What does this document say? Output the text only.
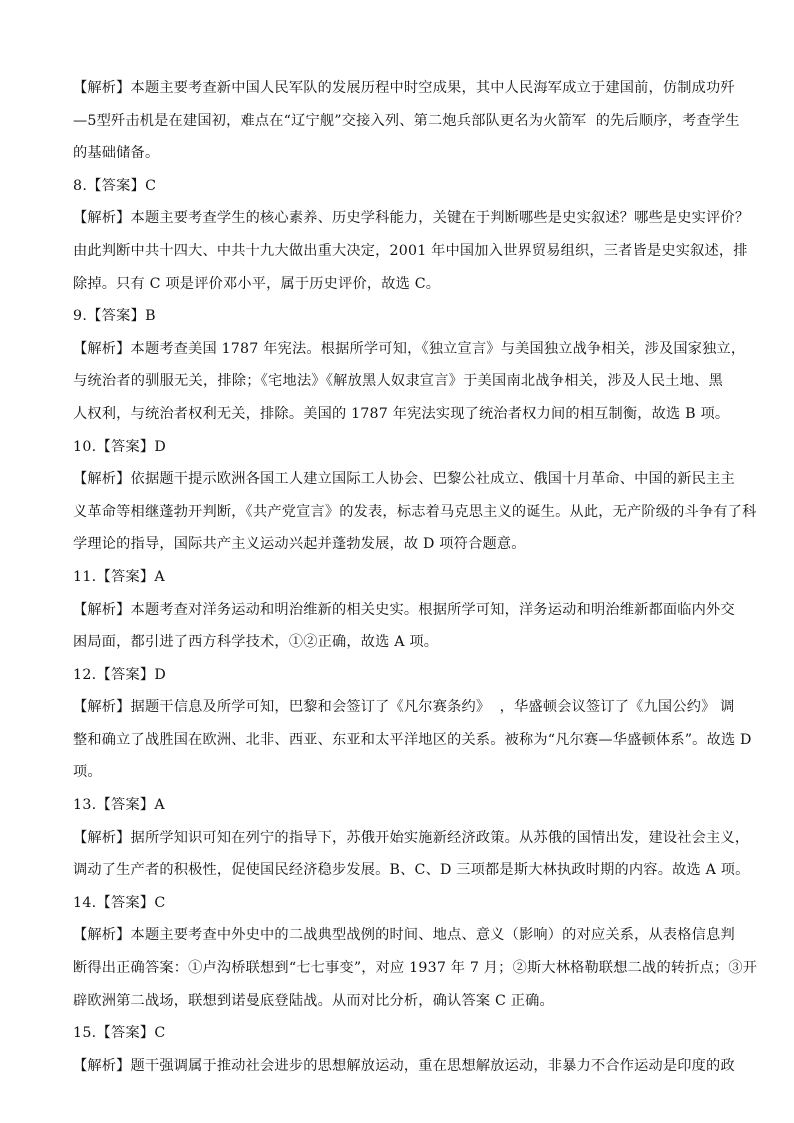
【解析】本题主要考查新中国人民军队的发展历程中时空成果，其中人民海军成立于建国前，仿制成功歼
—5型歼击机是在建国初，难点在“辽宁舰”交接入列、第二炮兵部队更名为火箭军  的先后顺序，考查学生
的基础储备。
8.【答案】C
【解析】本题主要考查学生的核心素养、历史学科能力，关键在于判断哪些是史实叙述？哪些是史实评价？
由此判断中共十四大、中共十九大做出重大决定，2001 年中国加入世界贸易组织，三者皆是史实叙述，排
除掉。只有 C 项是评价邓小平，属于历史评价，故选 C。
9.【答案】B
【解析】本题考查美国 1787 年宪法。根据所学可知，《独立宣言》与美国独立战争相关，涉及国家独立，
与统治者的驯服无关，排除；《宅地法》《解放黑人奴隶宣言》于美国南北战争相关，涉及人民土地、黑
人权利，与统治者权利无关，排除。美国的 1787 年宪法实现了统治者权力间的相互制衡，故选 B 项。
10.【答案】D
【解析】依据题干提示欧洲各国工人建立国际工人协会、巴黎公社成立、俄国十月革命、中国的新民主主
义革命等相继蓬勃开判断，《共产党宣言》的发表，标志着马克思主义的诞生。从此，无产阶级的斗争有了科
学理论的指导，国际共产主义运动兴起并蓬勃发展，故 D 项符合题意。
11.【答案】A
【解析】本题考查对洋务运动和明治维新的相关史实。根据所学可知，洋务运动和明治维新都面临内外交
困局面，都引进了西方科学技术，①②正确，故选 A 项。
12.【答案】D
【解析】据题干信息及所学可知，巴黎和会签订了《凡尔赛条约》  ，华盛顿会议签订了《九国公约》 调
整和确立了战胜国在欧洲、北非、西亚、东亚和太平洋地区的关系。被称为“凡尔赛—华盛顿体系”。故选 D
项。
13.【答案】A
【解析】据所学知识可知在列宁的指导下，苏俄开始实施新经济政策。从苏俄的国情出发，建设社会主义，
调动了生产者的积极性，促使国民经济稳步发展。B、C、D 三项都是斯大林执政时期的内容。故选 A 项。
14.【答案】C
【解析】本题主要考查中外史中的二战典型战例的时间、地点、意义（影响）的对应关系，从表格信息判
断得出正确答案：①卢沟桥联想到“七七事变”，对应 1937 年 7 月；②斯大林格勒联想二战的转折点；③开
辟欧洲第二战场，联想到诺曼底登陆战。从而对比分析，确认答案 C 正确。
15.【答案】C
【解析】题干强调属于推动社会进步的思想解放运动，重在思想解放运动，非暴力不合作运动是印度的政
